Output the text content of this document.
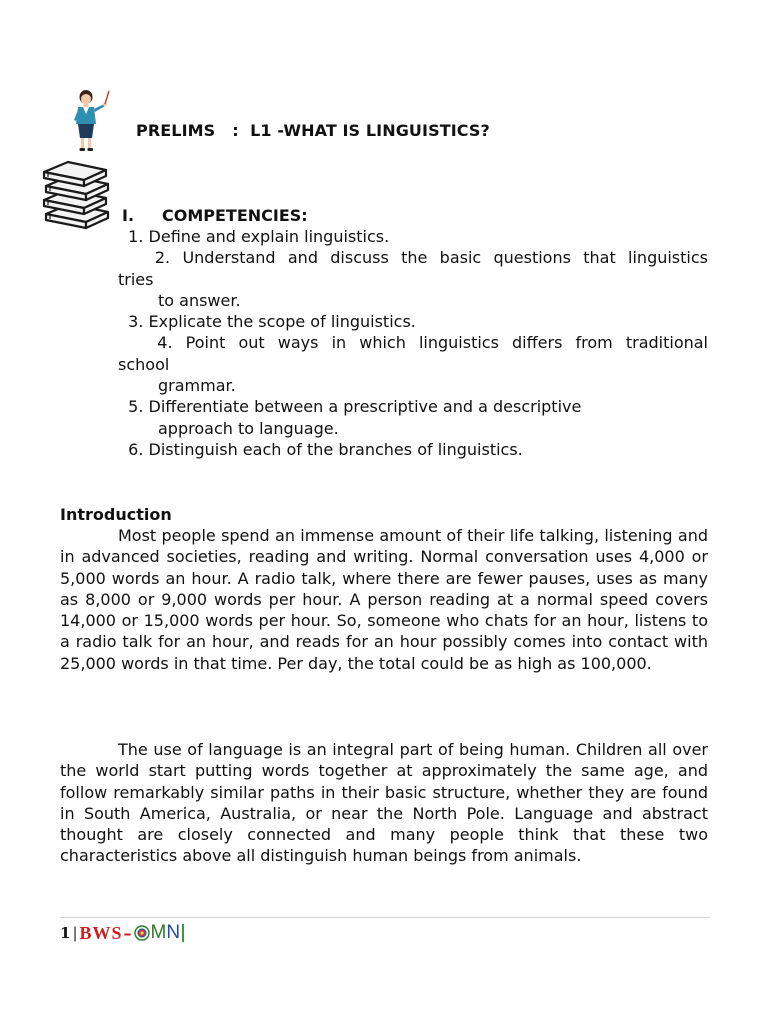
PRELIMS   :  L1 -WHAT IS LINGUISTICS?
I. COMPETENCIES:
1. Define and explain linguistics.
2. Understand and discuss the basic questions that linguistics
tries
to answer.
3. Explicate the scope of linguistics.
4. Point out ways in which linguistics differs from traditional
school
grammar.
5. Differentiate between a prescriptive and a descriptive
approach to language.
6. Distinguish each of the branches of linguistics.
Introduction

Most people spend an immense amount of their life talking, listening and in advanced societies, reading and writing. Normal conversation uses 4,000 or 5,000 words an hour. A radio talk, where there are fewer pauses, uses as many as 8,000 or 9,000 words per hour. A person reading at a normal speed covers 14,000 or 15,000 words per hour. So, someone who chats for an hour, listens to a radio talk for an hour, and reads for an hour possibly comes into contact with 25,000 words in that time. Per day, the total could be as high as 100,000.

The use of language is an integral part of being human. Children all over the world start putting words together at approximately the same age, and follow remarkably similar paths in their basic structure, whether they are found in South America, Australia, or near the North Pole. Language and abstract thought are closely connected and many people think that these two characteristics above all distinguish human beings from animals.

1 | BWS – M N
